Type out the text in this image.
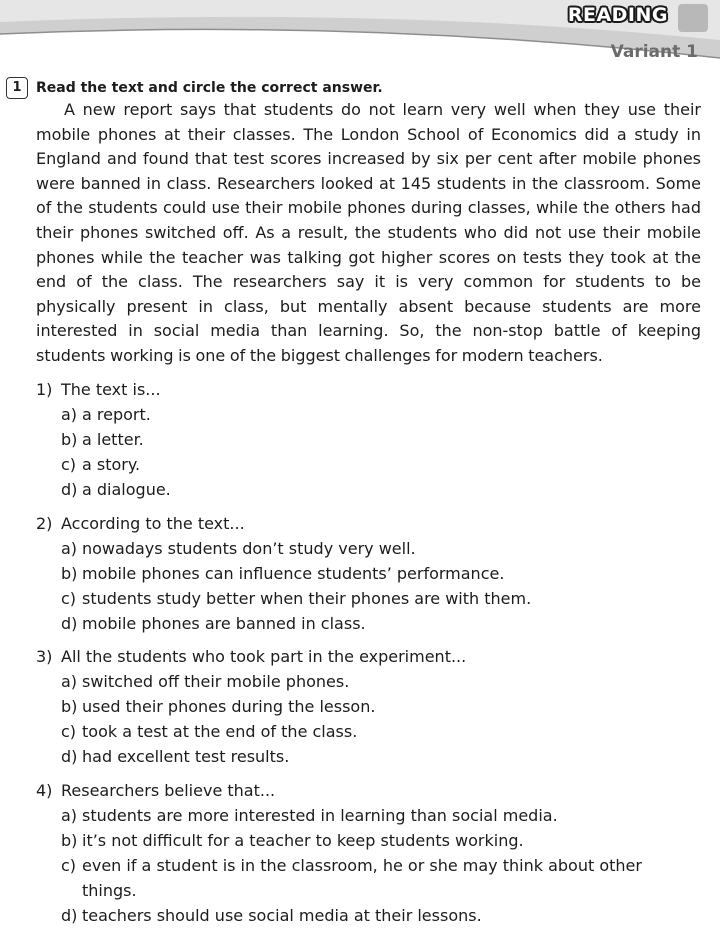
READING
Variant 1
1	Read the text and circle the correct answer.

A new report says that students do not learn very well when they use their mobile phones at their classes. The London School of Economics did a study in England and found that test scores increased by six per cent after mobile phones were banned in class. Researchers looked at 145 students in the classroom. Some of the students could use their mobile phones during classes, while the others had their phones switched off. As a result, the students who did not use their mobile phones while the teacher was talking got higher scores on tests they took at the end of the class. The researchers say it is very common for students to be physically present in class, but mentally absent because students are more interested in social media than learning. So, the non-stop battle of keeping students working is one of the biggest challenges for modern teachers.

1) The text is...
a) a report.
b) a letter.
c) a story.
d) a dialogue.
2) According to the text...
a) nowadays students don’t study very well.
b) mobile phones can influence students’ performance.
c) students study better when their phones are with them.
d) mobile phones are banned in class.
3) All the students who took part in the experiment...
a) switched off their mobile phones.
b) used their phones during the lesson.
c) took a test at the end of the class.
d) had excellent test results.
4) Researchers believe that...
a) students are more interested in learning than social media.
b) it’s not difficult for a teacher to keep students working.
c) even if a student is in the classroom, he or she may think about other things.
d) teachers should use social media at their lessons.
